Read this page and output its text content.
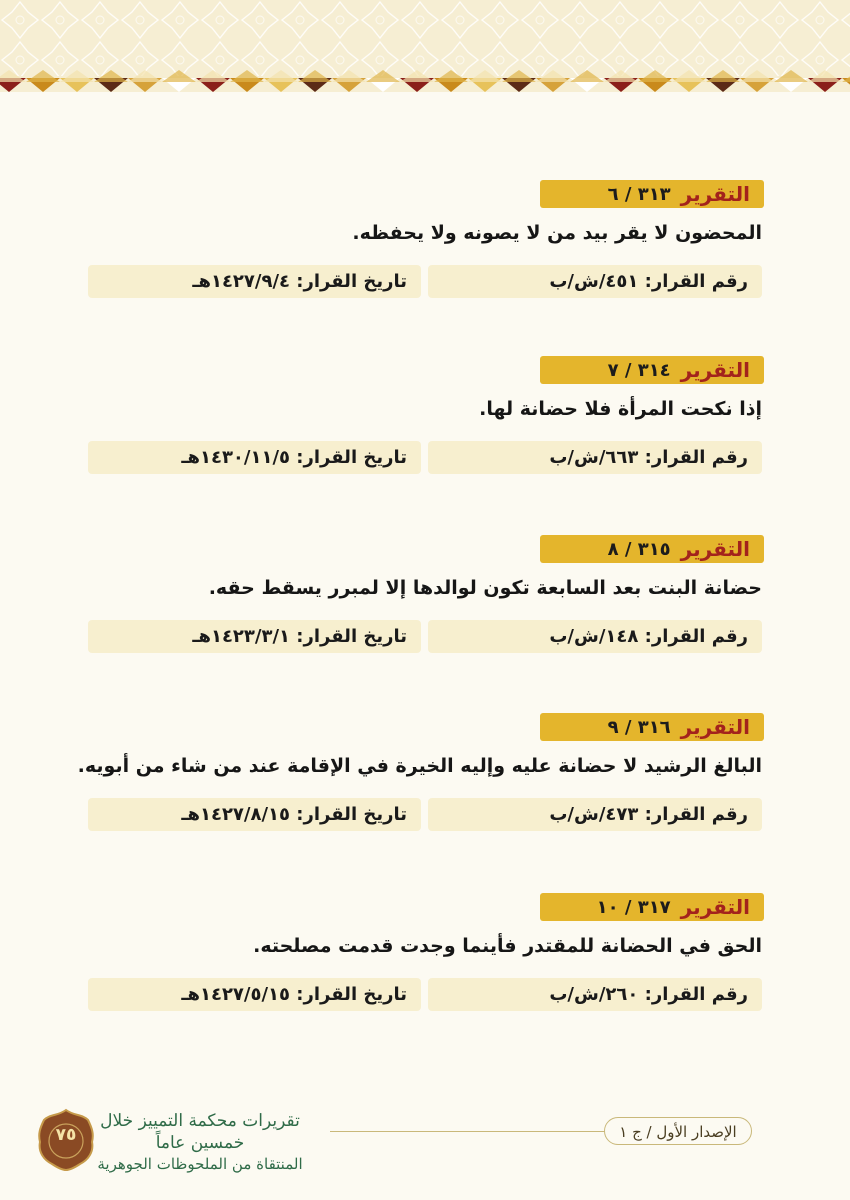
التقرير
٣١٣ / ٦
المحضون لا يقر بيد من لا يصونه ولا يحفظه.
رقم القرار: ٤٥١/ش/ب
تاريخ القرار: ١٤٢٧/٩/٤هـ
التقرير
٣١٤ / ٧
إذا نكحت المرأة فلا حضانة لها.
رقم القرار: ٦٦٣/ش/ب
تاريخ القرار: ١٤٣٠/١١/٥هـ
التقرير
٣١٥ / ٨
حضانة البنت بعد السابعة تكون لوالدها إلا لمبرر يسقط حقه.
رقم القرار: ١٤٨/ش/ب
تاريخ القرار: ١٤٢٣/٣/١هـ
التقرير
٣١٦ / ٩
البالغ الرشيد لا حضانة عليه وإليه الخيرة في الإقامة عند من شاء من أبويه.
رقم القرار: ٤٧٣/ش/ب
تاريخ القرار: ١٤٢٧/٨/١٥هـ
التقرير
٣١٧ / ١٠
الحق في الحضانة للمقتدر فأينما وجدت قدمت مصلحته.
رقم القرار: ٢٦٠/ش/ب
تاريخ القرار: ١٤٢٧/٥/١٥هـ
الإصدار الأول / ج ١
تقريرات محكمة التمييز خلال خمسين عاماً
المنتقاة من الملحوظات الجوهرية
٧٥
